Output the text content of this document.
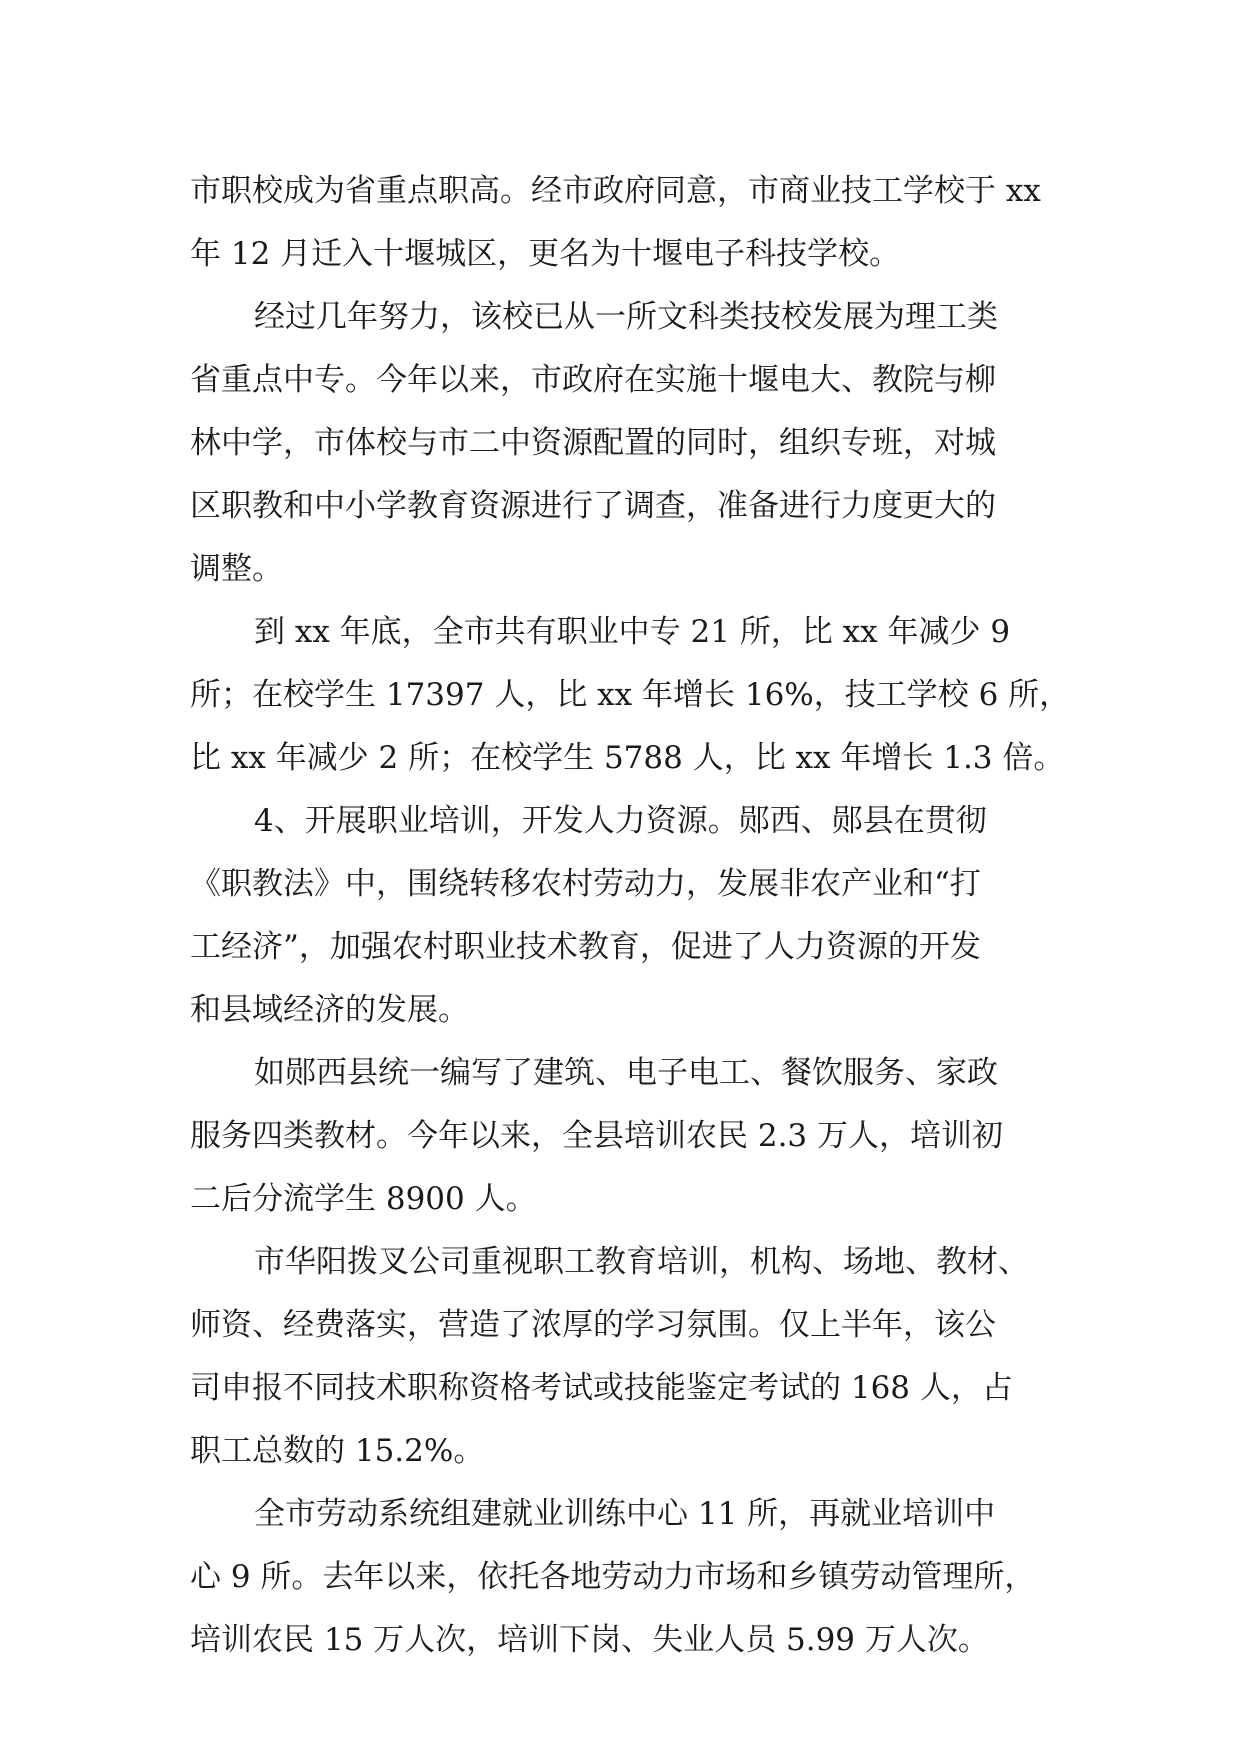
市职校成为省重点职高。经市政府同意，市商业技工学校于 xx
年 12 月迁入十堰城区，更名为十堰电子科技学校。
经过几年努力，该校已从一所文科类技校发展为理工类
省重点中专。今年以来，市政府在实施十堰电大、教院与柳
林中学，市体校与市二中资源配置的同时，组织专班，对城
区职教和中小学教育资源进行了调查，准备进行力度更大的
调整。
到 xx 年底，全市共有职业中专 21 所，比 xx 年减少 9
所；在校学生 17397 人，比 xx 年增长 16%，技工学校 6 所，
比 xx 年减少 2 所；在校学生 5788 人，比 xx 年增长 1.3 倍。
4、开展职业培训，开发人力资源。郧西、郧县在贯彻
《职教法》中，围绕转移农村劳动力，发展非农产业和“打
工经济”，加强农村职业技术教育，促进了人力资源的开发
和县域经济的发展。
如郧西县统一编写了建筑、电子电工、餐饮服务、家政
服务四类教材。今年以来，全县培训农民 2.3 万人，培训初
二后分流学生 8900 人。
市华阳拨叉公司重视职工教育培训，机构、场地、教材、
师资、经费落实，营造了浓厚的学习氛围。仅上半年，该公
司申报不同技术职称资格考试或技能鉴定考试的 168 人，占
职工总数的 15.2%。
全市劳动系统组建就业训练中心 11 所，再就业培训中
心 9 所。去年以来，依托各地劳动力市场和乡镇劳动管理所，
培训农民 15 万人次，培训下岗、失业人员 5.99 万人次。
